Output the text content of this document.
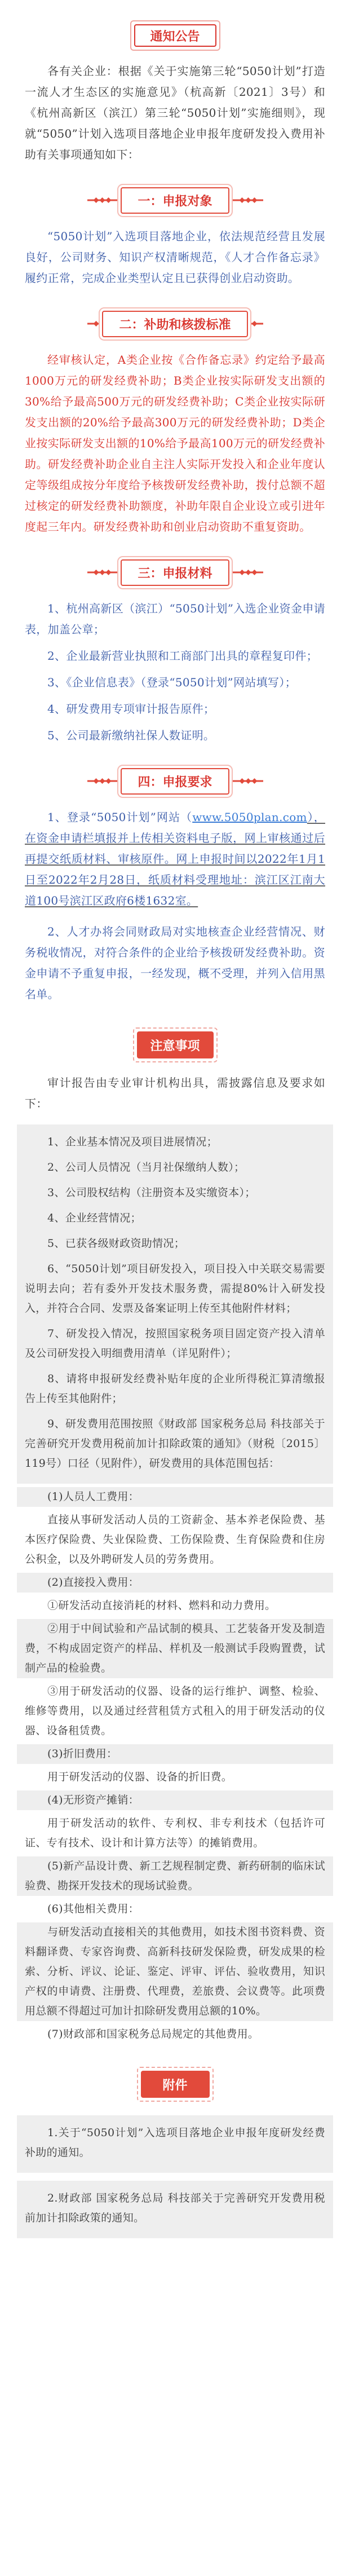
通知公告

各有关企业：根据《关于实施第三轮“5050计划”打造一流人才生态区的实施意见》（杭高新〔2021〕3号）和《杭州高新区（滨江）第三轮“5050计划”实施细则》，现就“5050”计划入选项目落地企业申报年度研发投入费用补助有关事项通知如下：

一：申报对象

“5050计划”入选项目落地企业，依法规范经营且发展良好，公司财务、知识产权清晰规范，《人才合作备忘录》履约正常，完成企业类型认定且已获得创业启动资助。

二：补助和核拨标准

经审核认定，A类企业按《合作备忘录》约定给予最高1000万元的研发经费补助；B类企业按实际研发支出额的30%给予最高500万元的研发经费补助；C类企业按实际研发支出额的20%给予最高300万元的研发经费补助；D类企业按实际研发支出额的10%给予最高100万元的研发经费补助。研发经费补助企业自主注人实际开发投入和企业年度认定等级组成按分年度给予核拨研发经费补助，拨付总额不超过核定的研发经费补助额度，补助年限自企业设立或引进年度起三年内。研发经费补助和创业启动资助不重复资助。

三：申报材料

1、杭州高新区（滨江）“5050计划”入选企业资金申请表，加盖公章；

2、企业最新营业执照和工商部门出具的章程复印件；

3、《企业信息表》（登录“5050计划”网站填写）；

4、研发费用专项审计报告原件；

5、公司最新缴纳社保人数证明。

四：申报要求

1、登录“5050计划”网站（www.5050plan.com），在资金申请栏填报并上传相关资料电子版，网上审核通过后再提交纸质材料、审核原件。网上申报时间以2022年1月1日至2022年2月28日，纸质材料受理地址：滨江区江南大道100号滨江区政府6楼1632室。

2、人才办将会同财政局对实地核查企业经营情况、财务税收情况，对符合条件的企业给予核拨研发经费补助。资金申请不予重复申报，一经发现，概不受理，并列入信用黑名单。

注意事项

审计报告由专业审计机构出具，需披露信息及要求如下：

1、企业基本情况及项目进展情况；

2、公司人员情况（当月社保缴纳人数）；

3、公司股权结构（注册资本及实缴资本）；

4、企业经营情况；

5、已获各级财政资助情况；

6、“5050计划”项目研发投入，项目投入中关联交易需要说明去向；若有委外开发技术服务费，需提80%计入研发投入，并符合合同、发票及备案证明上传至其他附件材料；

7、研发投入情况，按照国家税务项目固定资产投入清单及公司研发投入明细费用清单（详见附件）；

8、请将申报研发经费补贴年度的企业所得税汇算清缴报告上传至其他附件；

9、研发费用范围按照《财政部 国家税务总局 科技部关于完善研究开发费用税前加计扣除政策的通知》（财税〔2015〕119号）口径（见附件），研发费用的具体范围包括：

(1)人员人工费用：

直接从事研发活动人员的工资薪金、基本养老保险费、基本医疗保险费、失业保险费、工伤保险费、生育保险费和住房公积金，以及外聘研发人员的劳务费用。

(2)直接投入费用：

①研发活动直接消耗的材料、燃料和动力费用。

②用于中间试验和产品试制的模具、工艺装备开发及制造费，不构成固定资产的样品、样机及一般测试手段购置费，试制产品的检验费。

③用于研发活动的仪器、设备的运行维护、调整、检验、维修等费用，以及通过经营租赁方式租入的用于研发活动的仪器、设备租赁费。

(3)折旧费用：

用于研发活动的仪器、设备的折旧费。

(4)无形资产摊销：

用于研发活动的软件、专利权、非专利技术（包括许可证、专有技术、设计和计算方法等）的摊销费用。

(5)新产品设计费、新工艺规程制定费、新药研制的临床试验费、勘探开发技术的现场试验费。

(6)其他相关费用：

与研发活动直接相关的其他费用，如技术图书资料费、资料翻译费、专家咨询费、高新科技研发保险费，研发成果的检索、分析、评议、论证、鉴定、评审、评估、验收费用，知识产权的申请费、注册费、代理费，差旅费、会议费等。此项费用总额不得超过可加计扣除研发费用总额的10%。

(7)财政部和国家税务总局规定的其他费用。

附件

1.关于“5050计划”入选项目落地企业申报年度研发经费补助的通知。

2.财政部 国家税务总局 科技部关于完善研究开发费用税前加计扣除政策的通知。
